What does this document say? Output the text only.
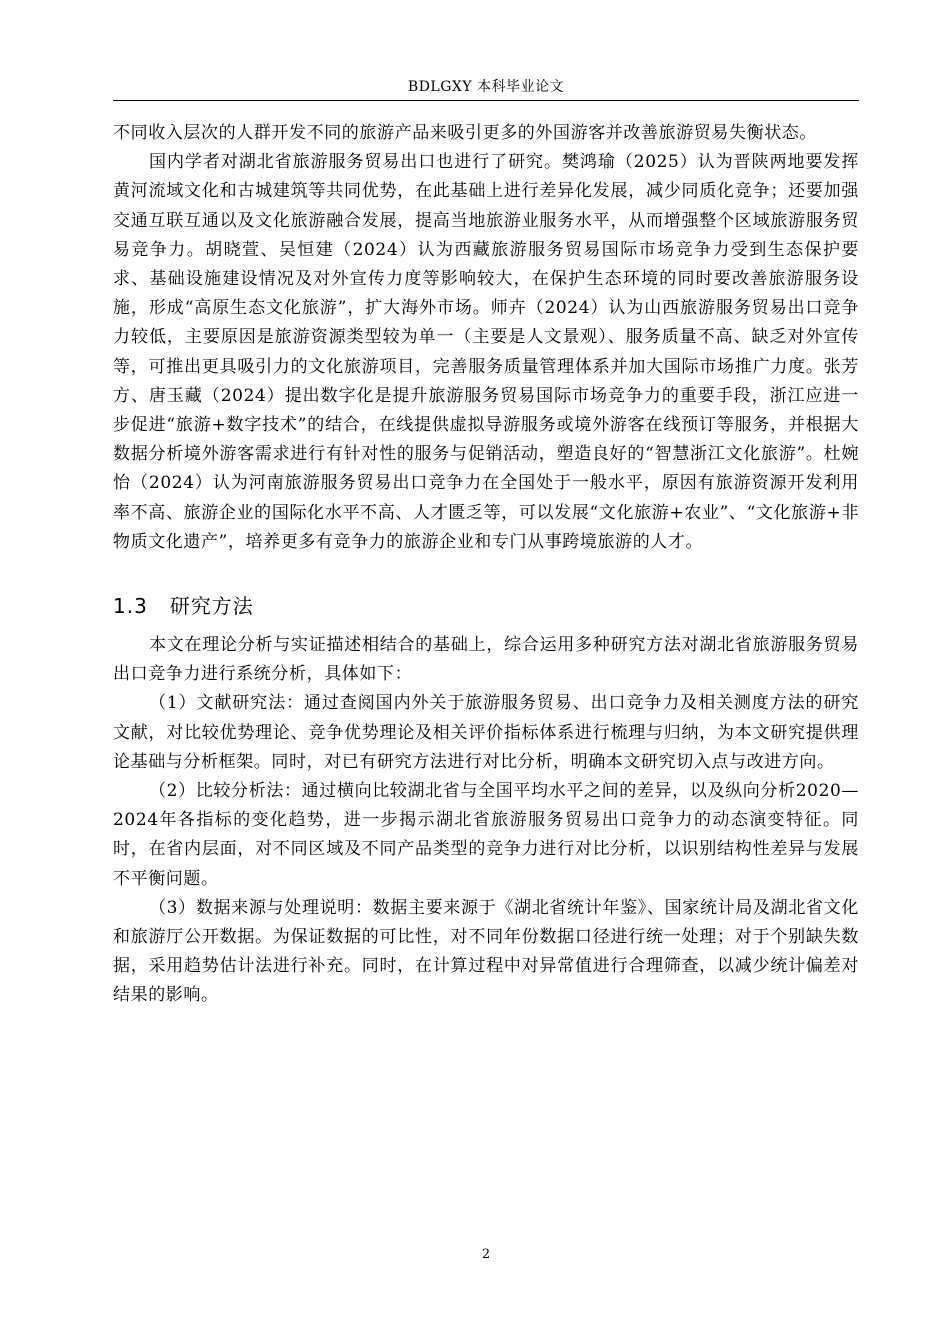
BDLGXY 本科毕业论文

不同收入层次的人群开发不同的旅游产品来吸引更多的外国游客并改善旅游贸易失衡状态。

国内学者对湖北省旅游服务贸易出口也进行了研究。樊鸿瑜（2025）认为晋陕两地要发挥黄河流域文化和古城建筑等共同优势，在此基础上进行差异化发展，减少同质化竞争；还要加强交通互联互通以及文化旅游融合发展，提高当地旅游业服务水平，从而增强整个区域旅游服务贸易竞争力。胡晓萱、吴恒建（2024）认为西藏旅游服务贸易国际市场竞争力受到生态保护要求、基础设施建设情况及对外宣传力度等影响较大，在保护生态环境的同时要改善旅游服务设施，形成“高原生态文化旅游”，扩大海外市场。师卉（2024）认为山西旅游服务贸易出口竞争力较低，主要原因是旅游资源类型较为单一（主要是人文景观）、服务质量不高、缺乏对外宣传等，可推出更具吸引力的文化旅游项目，完善服务质量管理体系并加大国际市场推广力度。张芳方、唐玉藏（2024）提出数字化是提升旅游服务贸易国际市场竞争力的重要手段，浙江应进一步促进“旅游+数字技术”的结合，在线提供虚拟导游服务或境外游客在线预订等服务，并根据大数据分析境外游客需求进行有针对性的服务与促销活动，塑造良好的“智慧浙江文化旅游”。杜婉怡（2024）认为河南旅游服务贸易出口竞争力在全国处于一般水平，原因有旅游资源开发利用率不高、旅游企业的国际化水平不高、人才匮乏等，可以发展“文化旅游+农业”、“文化旅游+非物质文化遗产”，培养更多有竞争力的旅游企业和专门从事跨境旅游的人才。

1.3 研究方法

本文在理论分析与实证描述相结合的基础上，综合运用多种研究方法对湖北省旅游服务贸易出口竞争力进行系统分析，具体如下：

（1）文献研究法：通过查阅国内外关于旅游服务贸易、出口竞争力及相关测度方法的研究文献，对比较优势理论、竞争优势理论及相关评价指标体系进行梳理与归纳，为本文研究提供理论基础与分析框架。同时，对已有研究方法进行对比分析，明确本文研究切入点与改进方向。

（2）比较分析法：通过横向比较湖北省与全国平均水平之间的差异，以及纵向分析2020—2024年各指标的变化趋势，进一步揭示湖北省旅游服务贸易出口竞争力的动态演变特征。同时，在省内层面，对不同区域及不同产品类型的竞争力进行对比分析，以识别结构性差异与发展不平衡问题。

（3）数据来源与处理说明：数据主要来源于《湖北省统计年鉴》、国家统计局及湖北省文化和旅游厅公开数据。为保证数据的可比性，对不同年份数据口径进行统一处理；对于个别缺失数据，采用趋势估计法进行补充。同时，在计算过程中对异常值进行合理筛查，以减少统计偏差对结果的影响。

2
